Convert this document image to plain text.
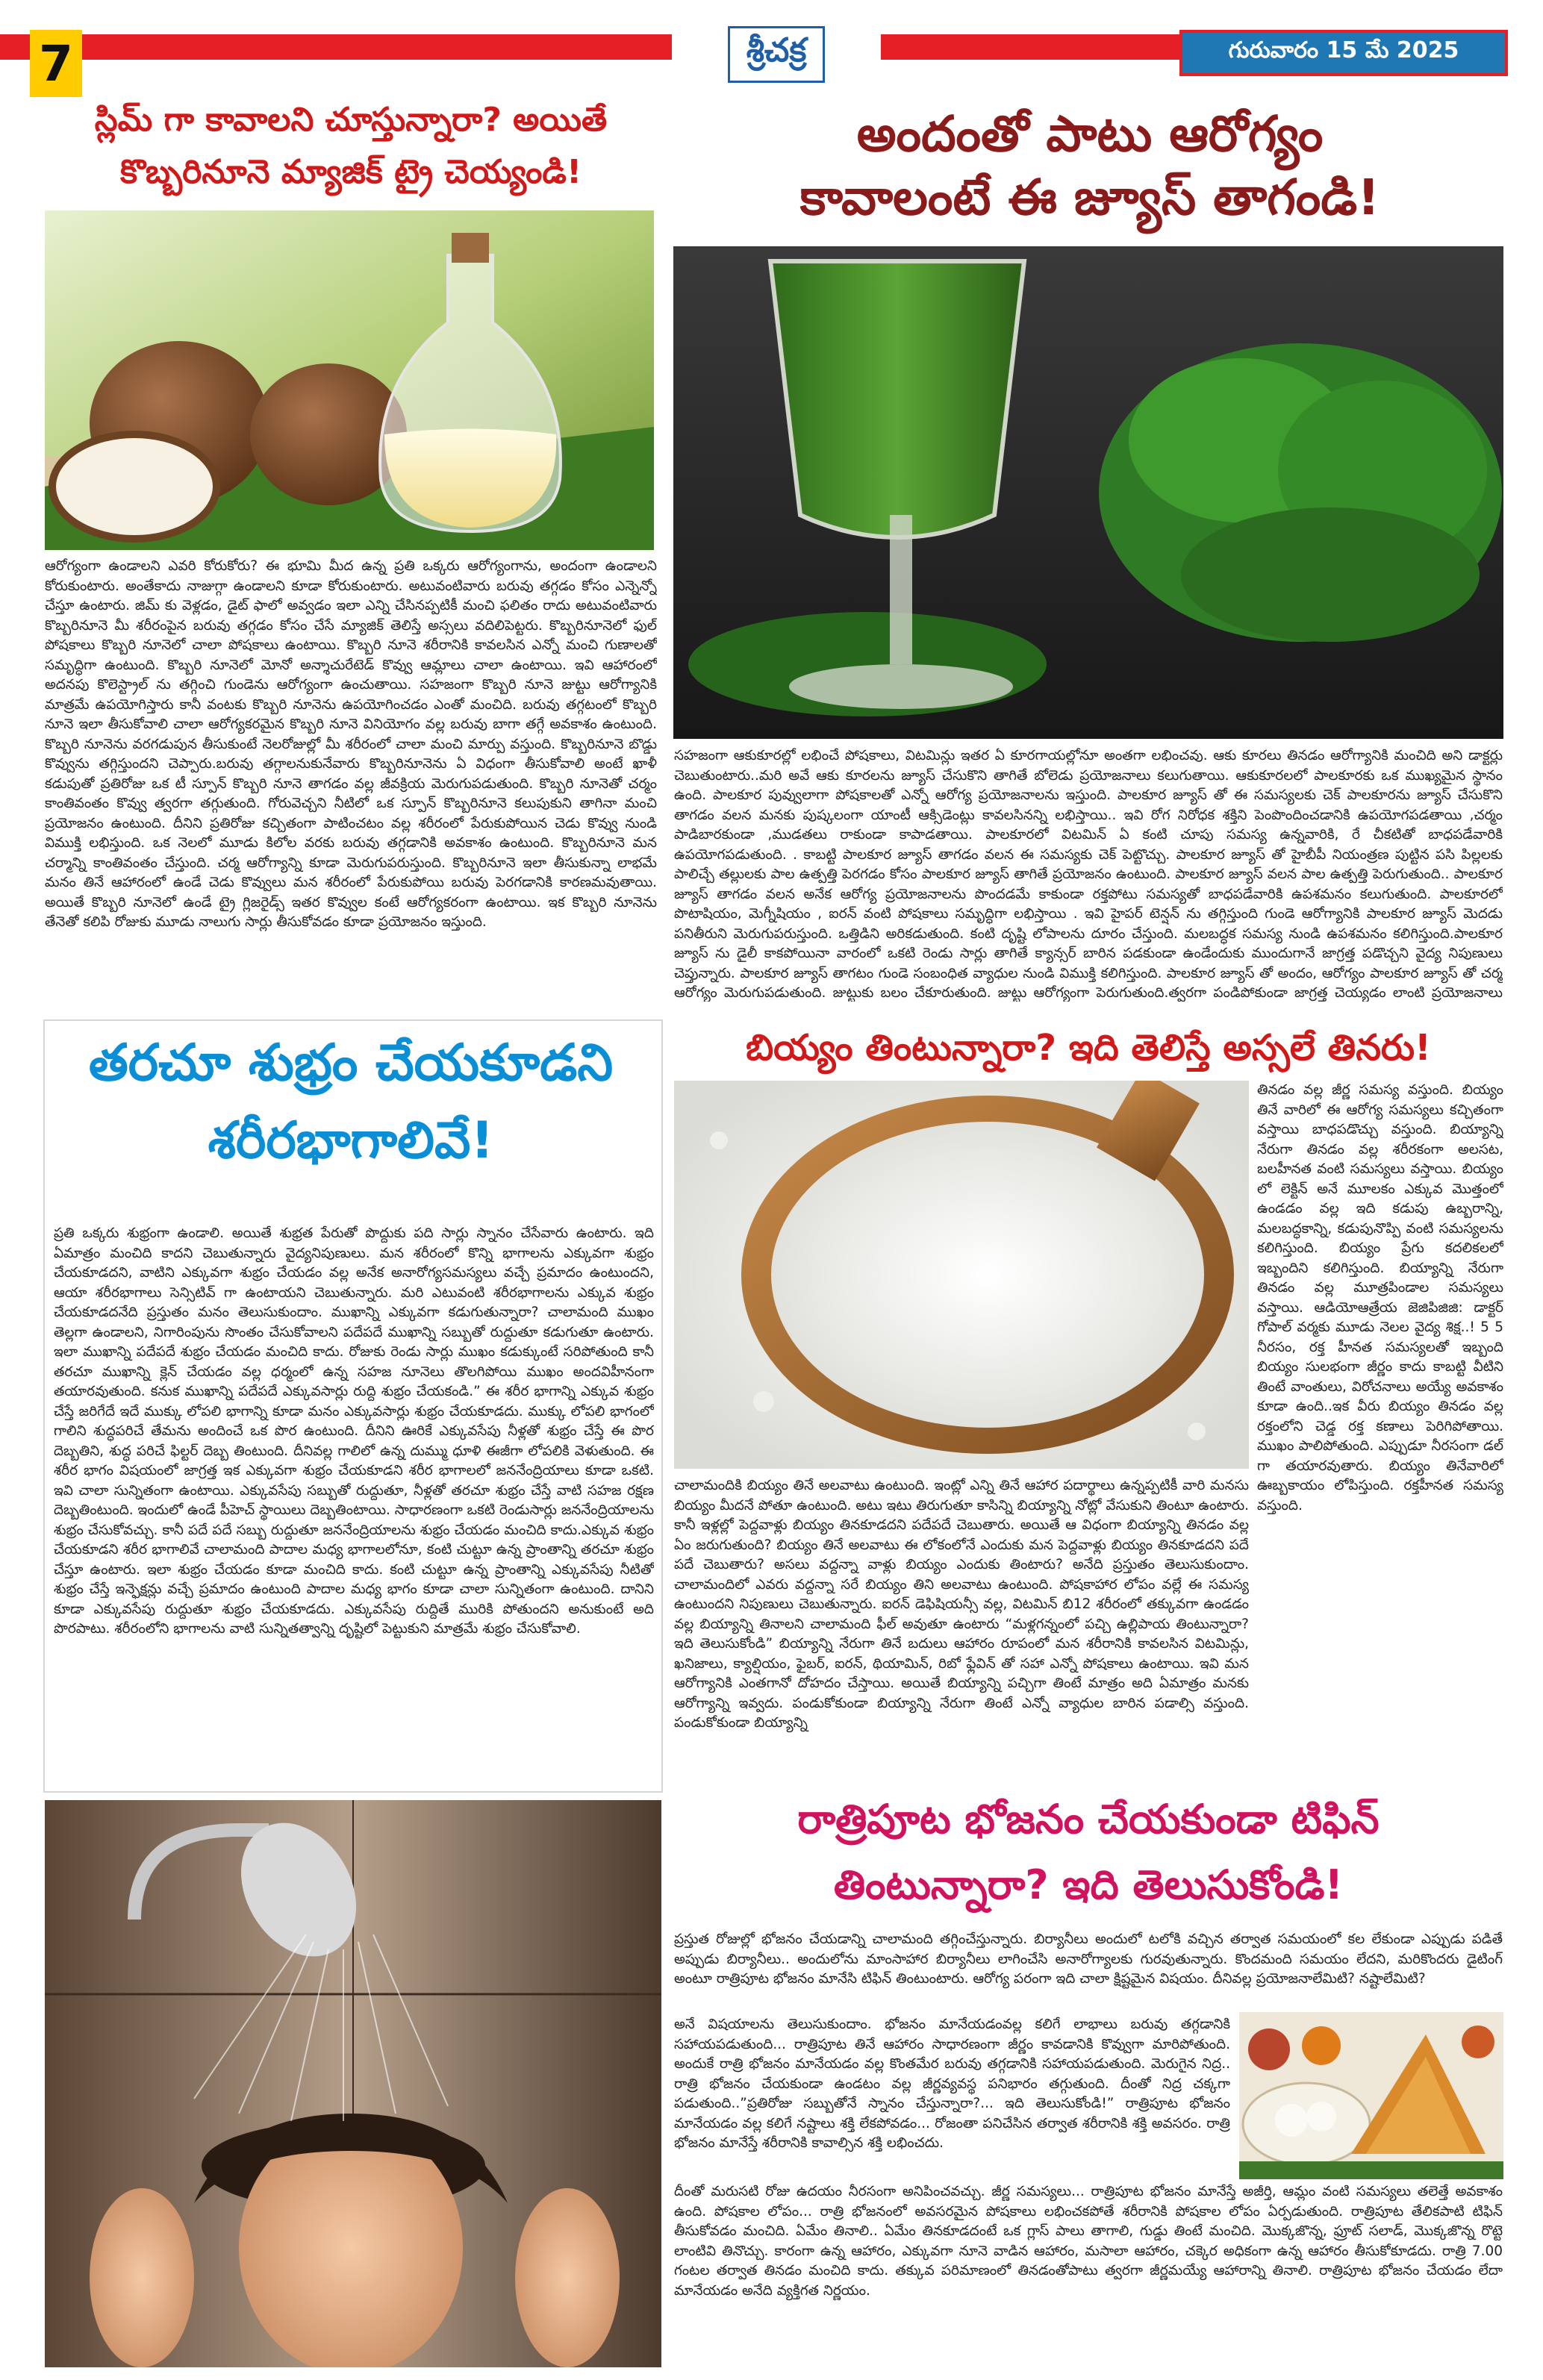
7	శ్రీచక్ర	గురువారం 15 మే 2025
స్లిమ్ గా కావాలని చూస్తున్నారా? అయితే
కొబ్బరినూనె మ్యాజిక్ ట్రై చెయ్యండి!
ఆరోగ్యంగా ఉండాలని ఎవరి కోరుకోరు? ఈ భూమి మీద ఉన్న ప్రతి ఒక్కరు ఆరోగ్యంగాను, అందంగా ఉండాలని కోరుకుంటారు. అంతేకాదు నాజుగ్గా ఉండాలని కూడా కోరుకుంటారు. అటువంటివారు బరువు తగ్గడం కోసం ఎన్నెన్నో చేస్తూ ఉంటారు. జిమ్ కు వెళ్లడం, డైట్ ఫాలో అవ్వడం ఇలా ఎన్ని చేసినప్పటికీ మంచి ఫలితం రాదు అటువంటివారు కొబ్బరినూనె మీ శరీరంపైన బరువు తగ్గడం కోసం చేసే మ్యాజిక్ తెలిస్తే అస్సలు వదిలిపెట్టరు. కొబ్బరినూనెలో ఫుల్ పోషకాలు కొబ్బరి నూనెలో చాలా పోషకాలు ఉంటాయి. కొబ్బరి నూనె శరీరానికి కావలసిన ఎన్నో మంచి గుణాలతో సమృద్ధిగా ఉంటుంది. కొబ్బరి నూనెలో మోనో అన్శాచురేటెడ్ కొవ్వు ఆమ్లాలు చాలా ఉంటాయి. ఇవి ఆహారంలో అదనపు కొలెస్ట్రాల్ ను తగ్గించి గుండెను ఆరోగ్యంగా ఉంచుతాయి. సహజంగా కొబ్బరి నూనె జుట్టు ఆరోగ్యానికి మాత్రమే ఉపయోగిస్తారు కానీ వంటకు కొబ్బరి నూనెను ఉపయోగించడం ఎంతో మంచిది. బరువు తగ్గటంలో కొబ్బరి నూనె ఇలా తీసుకోవాలి చాలా ఆరోగ్యకరమైన కొబ్బరి నూనె వినియోగం వల్ల బరువు బాగా తగ్గే అవకాశం ఉంటుంది. కొబ్బరి నూనెను వరగడుపున తీసుకుంటే నెలరోజుల్లో మీ శరీరంలో చాలా మంచి మార్పు వస్తుంది. కొబ్బరినూనె బొడ్డు కొవ్వును తగ్గిస్తుందని చెప్పారు.బరువు తగ్గాలనుకునేవారు కొబ్బరినూనెను ఏ విధంగా తీసుకోవాలి అంటే ఖాళీ కడుపుతో ప్రతిరోజు ఒక టీ స్పూన్ కొబ్బరి నూనె తాగడం వల్ల జీవక్రియ మెరుగుపడుతుంది. కొబ్బరి నూనెతో చర్మం కాంతివంతం కొవ్వు త్వరగా తగ్గుతుంది. గోరువెచ్చని నీటిలో ఒక స్పూన్ కొబ్బరినూనె కలుపుకుని తాగినా మంచి ప్రయోజనం ఉంటుంది. దీనిని ప్రతిరోజు కచ్చితంగా పాటించటం వల్ల శరీరంలో పేరుకుపోయిన చెడు కొవ్వు నుండి విముక్తి లభిస్తుంది. ఒక నెలలో మూడు కిలోల వరకు బరువు తగ్గడానికి అవకాశం ఉంటుంది. కొబ్బరినూనె మన చర్మాన్ని కాంతివంతం చేస్తుంది. చర్మ ఆరోగ్యాన్ని కూడా మెరుగుపరుస్తుంది. కొబ్బరినూనె ఇలా తీసుకున్నా లాభమే మనం తినే ఆహారంలో ఉండే చెడు కొవ్వులు మన శరీరంలో పేరుకుపోయి బరువు పెరగడానికి కారణమవుతాయి. అయితే కొబ్బరి నూనెలో ఉండే ట్రై గ్లిజరైడ్స్ ఇతర కొవ్వుల కంటే ఆరోగ్యకరంగా ఉంటాయి. ఇక కొబ్బరి నూనెను తేనెతో కలిపి రోజుకు మూడు నాలుగు సార్లు తీసుకోవడం కూడా ప్రయోజనం ఇస్తుంది.
అందంతో పాటు ఆరోగ్యం
కావాలంటే ఈ జ్యూస్ తాగండి!
సహజంగా ఆకుకూరల్లో లభించే పోషకాలు, విటమిన్లు ఇతర ఏ కూరగాయల్లోనూ అంతగా లభించవు. ఆకు కూరలు తినడం ఆరోగ్యానికి మంచిది అని డాక్టర్లు చెబుతుంటారు..మరి అవే ఆకు కూరలను జ్యూస్ చేసుకొని తాగితే బోలెడు ప్రయోజనాలు కలుగుతాయి. ఆకుకూరలలో పాలకూరకు ఒక ముఖ్యమైన స్థానం ఉంది. పాలకూర పువ్వులాగా పోషకాలతో ఎన్నో ఆరోగ్య ప్రయోజనాలను ఇస్తుంది. పాలకూర జ్యూస్ తో ఈ సమస్యలకు చెక్ పాలకూరను జ్యూస్ చేసుకొని తాగడం వలన మనకు పుష్కలంగా యాంటీ ఆక్సిడెంట్లు కావలసినన్ని లభిస్తాయి.. ఇవి రోగ నిరోధక శక్తిని పెంపొందించడానికి ఉపయోగపడతాయి ,చర్మం పాడిబారకుండా ,ముడతలు రాకుండా కాపాడతాయి. పాలకూరలో విటమిన్ ఏ కంటి చూపు సమస్య ఉన్నవారికి, రే చీకటితో బాధపడేవారికి ఉపయోగపడుతుంది. . కాబట్టి పాలకూర జ్యూస్ తాగడం వలన ఈ సమస్యకు చెక్ పెట్టొచ్చు. పాలకూర జ్యూస్ తో హైబీపీ నియంత్రణ పుట్టిన పసి పిల్లలకు పాలిచ్చే తల్లులకు పాల ఉత్పత్తి పెరగడం కోసం పాలకూర జ్యూస్ తాగితే ప్రయోజనం ఉంటుంది. పాలకూర జ్యూస్ వలన పాల ఉత్పత్తి పెరుగుతుంది.. పాలకూర జ్యూస్ తాగడం వలన అనేక ఆరోగ్య ప్రయోజనాలను పొందడమే కాకుండా రక్తపోటు సమస్యతో బాధపడేవారికి ఉపశమనం కలుగుతుంది. పాలకూరలో పొటాషియం, మెగ్నీషియం , ఐరన్ వంటి పోషకాలు సమృద్ధిగా లభిస్తాయి . ఇవి హైపర్ టెన్షన్ ను తగ్గిస్తుంది గుండె ఆరోగ్యానికి పాలకూర జ్యూస్ మెదడు పనితీరుని మెరుగుపరుస్తుంది. ఒత్తిడిని అరికడుతుంది. కంటి దృష్టి లోపాలను దూరం చేస్తుంది. మలబద్ధక సమస్య నుండి ఉపశమనం కలిగిస్తుంది.పాలకూర జ్యూస్ ను డైలీ కాకపోయినా వారంలో ఒకటి రెండు సార్లు తాగితే క్యాన్సర్ బారిన పడకుండా ఉండేందుకు ముందుగానే జాగ్రత్త పడొచ్చని వైద్య నిపుణులు చెప్తున్నారు. పాలకూర జ్యూస్ తాగటం గుండె సంబంధిత వ్యాధుల నుండి విముక్తి కలిగిస్తుంది. పాలకూర జ్యూస్ తో అందం, ఆరోగ్యం పాలకూర జ్యూస్ తో చర్మ ఆరోగ్యం మెరుగుపడుతుంది. జుట్టుకు బలం చేకూరుతుంది. జుట్టు ఆరోగ్యంగా పెరుగుతుంది.త్వరగా పండిపోకుండా జాగ్రత్త చెయ్యడం లాంటి ప్రయోజనాలు
తరచూ శుభ్రం చేయకూడని
శరీరభాగాలివే!
ప్రతి ఒక్కరు శుభ్రంగా ఉండాలి. అయితే శుభ్రత పేరుతో పొద్దుకు పది సార్లు స్నానం చేసేవారు ఉంటారు. ఇది ఏమాత్రం మంచిది కాదని చెబుతున్నారు వైద్యనిపుణులు. మన శరీరంలో కొన్ని భాగాలను ఎక్కువగా శుభ్రం చేయకూడదని, వాటిని ఎక్కువగా శుభ్రం చేయడం వల్ల అనేక అనారోగ్యసమస్యలు వచ్చే ప్రమాదం ఉంటుందని, ఆయా శరీరభాగాలు సెన్సిటివ్ గా ఉంటాయని చెబుతున్నారు. మరి ఎటువంటి శరీరభాగాలను ఎక్కువ శుభ్రం చేయకూడదనేది ప్రస్తుతం మనం తెలుసుకుందాం. ముఖాన్ని ఎక్కువగా కడుగుతున్నారా? చాలామంది ముఖం తెల్లగా ఉండాలని, నిగారింపును సొంతం చేసుకోవాలని పదేపదే ముఖాన్ని సబ్బుతో రుద్దుతూ కడుగుతూ ఉంటారు. ఇలా ముఖాన్ని పదేపదే శుభ్రం చేయడం మంచిది కాదు. రోజుకు రెండు సార్లు ముఖం కడుక్కుంటే సరిపోతుంది కానీ తరచూ ముఖాన్ని క్లెన్ చేయడం వల్ల ధర్మంలో ఉన్న సహజ నూనెలు తొలగిపోయి ముఖం అందవిహీనంగా తయారవుతుంది. కనుక ముఖాన్ని పదేపదే ఎక్కువసార్లు రుద్ది శుభ్రం చేయకండి.” ఈ శరీర భాగాన్ని ఎక్కువ శుభ్రం చేస్తే జరిగేదే ఇదే ముక్కు లోపలి భాగాన్ని కూడా మనం ఎక్కువసార్లు శుభ్రం చేయకూడదు. ముక్కు లోపలి భాగంలో గాలిని శుద్ధపరిచే తేమను అందించే ఒక పొర ఉంటుంది. దీనిని ఊరికే ఎక్కువసేపు నీళ్లతో శుభ్రం చేస్తే ఈ పొర దెబ్బతిని, శుద్ధ పరిచే ఫిల్టర్ దెబ్బ తింటుంది. దీనివల్ల గాలిలో ఉన్న దుమ్ము ధూళి ఈజీగా లోపలికి వెళుతుంది. ఈ శరీర భాగం విషయంలో జాగ్రత్త ఇక ఎక్కువగా శుభ్రం చేయకూడని శరీర భాగాలలో జననేంద్రియాలు కూడా ఒకటి. ఇవి చాలా సున్నితంగా ఉంటాయి. ఎక్కువసేపు సబ్బుతో రుద్దుతూ, నీళ్లతో తరచూ శుభ్రం చేస్తే వాటి సహజ రక్షణ దెబ్బతింటుంది. ఇందులో ఉండే పీహెచ్ స్థాయిలు దెబ్బతింటాయి. సాధారణంగా ఒకటి రెండుసార్లు జననేంద్రియాలను శుభ్రం చేసుకోవచ్చు. కానీ పదే పదే సబ్బు రుద్దుతూ జననేంద్రియాలను శుభ్రం చేయడం మంచిది కాదు.ఎక్కువ శుభ్రం చేయకూడని శరీర భాగాలివే చాలామంది పాదాల మధ్య భాగాలలోనూ, కంటి చుట్టూ ఉన్న ప్రాంతాన్ని తరచూ శుభ్రం చేస్తూ ఉంటారు. ఇలా శుభ్రం చేయడం కూడా మంచిది కాదు. కంటి చుట్టూ ఉన్న ప్రాంతాన్ని ఎక్కువసేపు నీటితో శుభ్రం చేస్తే ఇన్ఫెక్షన్లు వచ్చే ప్రమాదం ఉంటుంది పాదాల మధ్య భాగం కూడా చాలా సున్నితంగా ఉంటుంది. దానిని కూడా ఎక్కువసేపు రుద్దుతూ శుభ్రం చేయకూడదు. ఎక్కువసేపు రుద్దితే మురికి పోతుందని అనుకుంటే అది పొరపాటు. శరీరంలోని భాగాలను వాటి సున్నితత్వాన్ని దృష్టిలో పెట్టుకుని మాత్రమే శుభ్రం చేసుకోవాలి.
బియ్యం తింటున్నారా? ఇది తెలిస్తే అస్సలే తినరు!
తినడం వల్ల జీర్ణ సమస్య వస్తుంది. బియ్యం తినే వారిలో ఈ ఆరోగ్య సమస్యలు కచ్చితంగా వస్తాయి బాధపడొచ్చు వస్తుంది. బియ్యాన్ని నేరుగా తినడం వల్ల శరీరకంగా అలసట, బలహీనత వంటి సమస్యలు వస్తాయి. బియ్యం లో లెక్టిన్ అనే మూలకం ఎక్కువ మొత్తంలో ఉండడం వల్ల ఇది కడుపు ఉబ్బరాన్ని, మలబద్ధకాన్ని, కడుపునొప్పి వంటి సమస్యలను కలిగిస్తుంది. బియ్యం ప్రేగు కదలికలలో ఇబ్బందిని కలిగిస్తుంది. బియ్యాన్ని నేరుగా తినడం వల్ల మూత్రపిండాల సమస్యలు వస్తాయి. ఆడియోఆత్రేయ జెజిపిజిజి: డాక్టర్ గోపాల్ వర్మకు మూడు నెలల వైద్య శిక్ష..! 5 5 నీరసం, రక్త హీనత సమస్యలతో ఇబ్బంది బియ్యం సులభంగా జీర్ణం కాదు కాబట్టి వీటిని తింటే వాంతులు, విరోచనాలు అయ్యే అవకాశం కూడా ఉంది..ఇక వీరు బియ్యం తినడం వల్ల రక్తంలోని చెడ్డ రక్త కణాలు పెరిగిపోతాయి. ముఖం పాలిపోతుంది. ఎప్పుడూ నీరసంగా డల్ గా తయారవుతారు. బియ్యం తినేవారిలో ఊబ్బకాయం లోపిస్తుంది. రక్తహీనత సమస్య వస్తుంది.
చాలామందికి బియ్యం తినే అలవాటు ఉంటుంది. ఇంట్లో ఎన్ని తినే ఆహార పదార్థాలు ఉన్నప్పటికీ వారి మనసు బియ్యం మీదనే పోతూ ఉంటుంది. అటు ఇటు తిరుగుతూ కాసిన్ని బియ్యాన్ని నోట్లో వేసుకుని తింటూ ఉంటారు. కానీ ఇళ్లల్లో పెద్దవాళ్లు బియ్యం తినకూడదని పదేపదే చెబుతారు. అయితే ఆ విధంగా బియ్యాన్ని తినడం వల్ల ఏం జరుగుతుంది? బియ్యం తినే అలవాటు ఈ లోకంలోనే ఎందుకు మన పెద్దవాళ్లు బియ్యం తినకూడదని పదే పదే చెబుతారు? అసలు వద్దన్నా వాళ్లు బియ్యం ఎందుకు తింటారు? అనేది ప్రస్తుతం తెలుసుకుందాం. చాలామందిలో ఎవరు వద్దన్నా సరే బియ్యం తిని అలవాటు ఉంటుంది. పోషకాహార లోపం వల్లే ఈ సమస్య ఉంటుందని నిపుణులు చెబుతున్నారు. ఐరన్ డెఫిషియన్సీ వల్ల, విటమిన్ బి12 శరీరంలో తక్కువగా ఉండడం వల్ల బియ్యాన్ని తినాలని చాలామంది ఫీల్ అవుతూ ఉంటారు “మళ్లగన్నంలో పచ్చి ఉల్లిపాయ తింటున్నారా? ఇది తెలుసుకోండి” బియ్యాన్ని నేరుగా తినే బదులు ఆహారం రూపంలో మన శరీరానికి కావలసిన విటమిన్లు, ఖనిజాలు, క్యాల్షియం, ఫైబర్, ఐరన్, థియామిన్, రిబో ఫ్లేవిన్ తో సహా ఎన్నో పోషకాలు ఉంటాయి. ఇవి మన ఆరోగ్యానికి ఎంతగానో దోహదం చేస్తాయి. అయితే బియ్యాన్ని పచ్చిగా తింటే మాత్రం అది ఏమాత్రం మనకు ఆరోగ్యాన్ని ఇవ్వదు. పండుకోకుండా బియ్యాన్ని నేరుగా తింటే ఎన్నో వ్యాధుల బారిన పడాల్సి వస్తుంది. పండుకోకుండా బియ్యాన్ని
రాత్రిపూట భోజనం చేయకుండా టిఫిన్
తింటున్నారా? ఇది తెలుసుకోండి!
ప్రస్తుత రోజుల్లో భోజనం చేయడాన్ని చాలామంది తగ్గించేస్తున్నారు. బిర్యానీలు అందులో టలోకి వచ్చిన తర్వాత సమయంలో కల లేకుండా ఎప్పుడు పడితే అప్పుడు బిర్యానీలు.. అందులోను మాంసాహార బిర్యానీలు లాగించేసి అనారోగ్యాలకు గురవుతున్నారు. కొందమంది సమయం లేదని, మరికొందరు డైటింగ్ అంటూ రాత్రిపూట భోజనం మానేసి టిఫిన్ తింటుంటారు. ఆరోగ్య పరంగా ఇది చాలా క్షిష్టమైన విషయం. దీనివల్ల ప్రయోజనాలేమిటి? నష్టాలేమిటి?
అనే విషయాలను తెలుసుకుందాం. భోజనం మానేయడంవల్ల కలిగే లాభాలు బరువు తగ్గడానికి సహాయపడుతుంది... రాత్రిపూట తినే ఆహారం సాధారణంగా జీర్ణం కావడానికి కొవ్వుగా మారిపోతుంది. అందుకే రాత్రి భోజనం మానేయడం వల్ల కొంతమేర బరువు తగ్గడానికి సహాయపడుతుంది. మెరుగైన నిద్ర.. రాత్రి భోజనం చేయకుండా ఉండటం వల్ల జీర్ణవ్యవస్థ పనిభారం తగ్గుతుంది. దీంతో నిద్ర చక్కగా పడుతుంది..”ప్రతిరోజు సబ్బుతోనే స్నానం చేస్తున్నారా?... ఇది తెలుసుకోండి!” రాత్రిపూట భోజనం మానేయడం వల్ల కలిగే నష్టాలు శక్తి లేకపోవడం... రోజంతా పనిచేసిన తర్వాత శరీరానికి శక్తి అవసరం. రాత్రి భోజనం మానేస్తే శరీరానికి కావాల్సిన శక్తి లభించదు.
దీంతో మరుసటి రోజు ఉదయం నీరసంగా అనిపించవచ్చు. జీర్ణ సమస్యలు... రాత్రిపూట భోజనం మానేస్తే అజీర్తి, ఆమ్లం వంటి సమస్యలు తలెత్తే అవకాశం ఉంది. పోషకాల లోపం... రాత్రి భోజనంలో అవసరమైన పోషకాలు లభించకపోతే శరీరానికి పోషకాల లోపం ఏర్పడుతుంది. రాత్రిపూట తేలికపాటి టిఫిన్ తీసుకోవడం మంచిది. ఏమేం తినాలి.. ఏమేం తినకూడదంటే ఒక గ్లాస్ పాలు తాగాలి, గుడ్డు తింటే మంచిది. మొక్కజొన్న, ఫ్రూట్ సలాడ్, మొక్కజొన్న రొట్టె లాంటివి తినొచ్చు. కారంగా ఉన్న ఆహారం, ఎక్కువగా నూనె వాడిన ఆహారం, మసాలా ఆహారం, చక్కెర అధికంగా ఉన్న ఆహారం తీసుకోకూడదు. రాత్రి 7.00 గంటల తర్వాత తినడం మంచిది కాదు. తక్కువ పరిమాణంలో తినడంతోపాటు త్వరగా జీర్ణమయ్యే ఆహారాన్ని తినాలి. రాత్రిపూట భోజనం చేయడం లేదా మానేయడం అనేది వ్యక్తిగత నిర్ణయం.
